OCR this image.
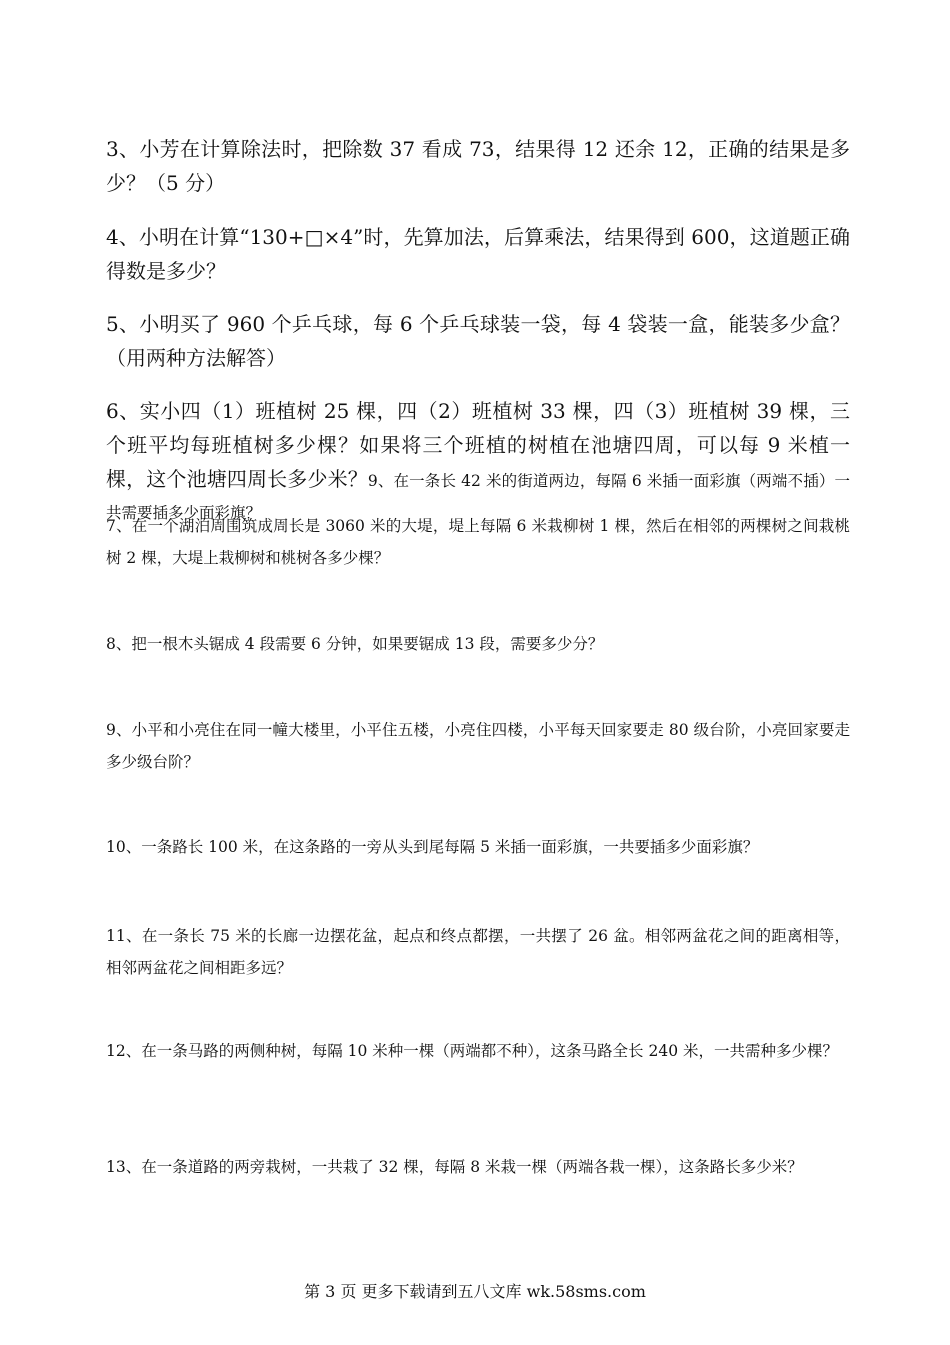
3、小芳在计算除法时，把除数 37 看成 73，结果得 12 还余 12，正确的结果是多少？（5 分）

4、小明在计算“130+□×4”时，先算加法，后算乘法，结果得到 600，这道题正确得数是多少？

5、小明买了 960 个乒乓球，每 6 个乒乓球装一袋，每 4 袋装一盒，能装多少盒？（用两种方法解答）

6、实小四（1）班植树 25 棵，四（2）班植树 33 棵，四（3）班植树 39 棵，三个班平均每班植树多少棵？如果将三个班植的树植在池塘四周，可以每 9 米植一棵，这个池塘四周长多少米？9、在一条长 42 米的街道两边，每隔 6 米插一面彩旗（两端不插）一共需要插多少面彩旗？

7、在一个湖泊周围筑成周长是 3060 米的大堤，堤上每隔 6 米栽柳树 1 棵，然后在相邻的两棵树之间栽桃树 2 棵，大堤上栽柳树和桃树各多少棵？

8、把一根木头锯成 4 段需要 6 分钟，如果要锯成 13 段，需要多少分？

9、小平和小亮住在同一幢大楼里，小平住五楼，小亮住四楼，小平每天回家要走 80 级台阶，小亮回家要走多少级台阶？

10、一条路长 100 米，在这条路的一旁从头到尾每隔 5 米插一面彩旗，一共要插多少面彩旗？

11、在一条长 75 米的长廊一边摆花盆，起点和终点都摆，一共摆了 26 盆。相邻两盆花之间的距离相等，相邻两盆花之间相距多远？

12、在一条马路的两侧种树，每隔 10 米种一棵（两端都不种），这条马路全长 240 米，一共需种多少棵？

13、在一条道路的两旁栽树，一共栽了 32 棵，每隔 8 米栽一棵（两端各栽一棵），这条路长多少米？

第 3 页 更多下载请到五八文库 wk.58sms.com
